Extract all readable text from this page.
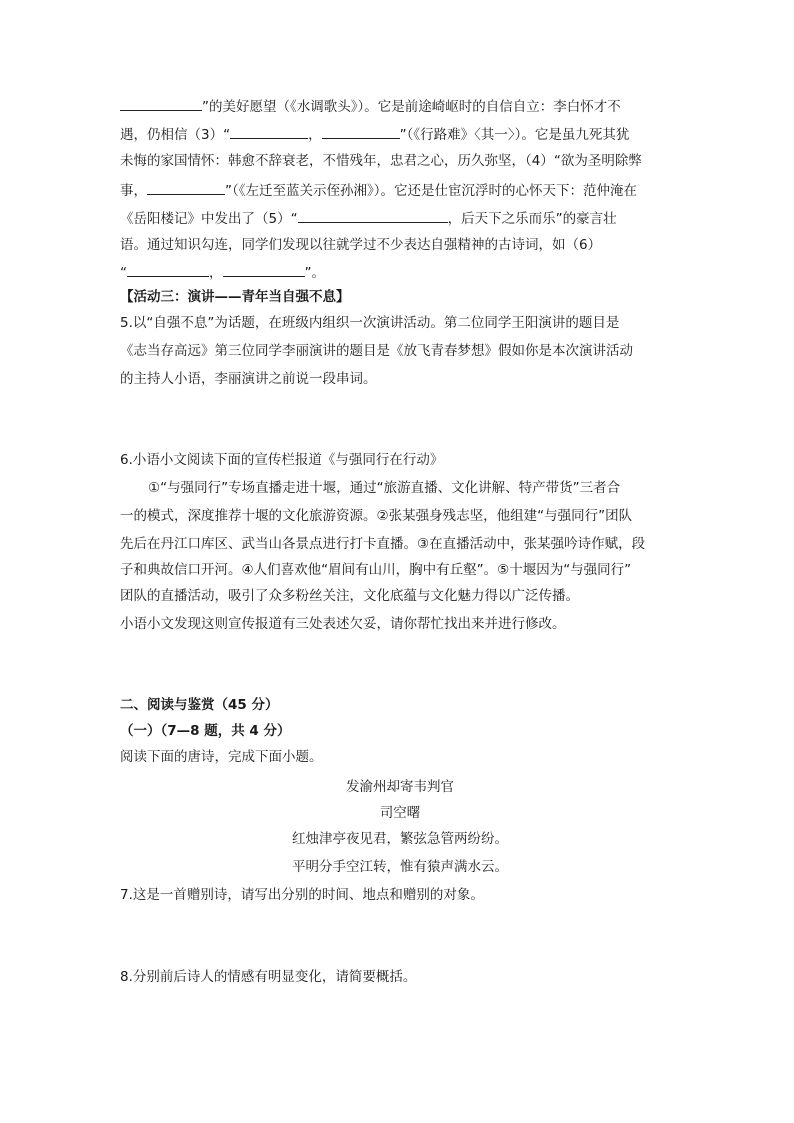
”的美好愿望（《水调歌头》）。它是前途崎岖时的自信自立：李白怀才不
遇，仍相信（3）“	，	”（《行路难》〈其一〉）。它是虽九死其犹
未悔的家国情怀：韩愈不辞衰老，不惜残年，忠君之心，历久弥坚，（4）“欲为圣明除弊
事，	”（《左迁至蓝关示侄孙湘》）。它还是仕宦沉浮时的心怀天下：范仲淹在
《岳阳楼记》中发出了（5）“	，后天下之乐而乐”的豪言壮
语。通过知识勾连，同学们发现以往就学过不少表达自强精神的古诗词，如（6）
“	，	”。
【活动三：演讲——青年当自强不息】
5.以“自强不息”为话题，在班级内组织一次演讲活动。第二位同学王阳演讲的题目是
《志当存高远》第三位同学李丽演讲的题目是《放飞青春梦想》假如你是本次演讲活动
的主持人小语，李丽演讲之前说一段串词。
6.小语小文阅读下面的宣传栏报道《与强同行在行动》
①“与强同行”专场直播走进十堰，通过“旅游直播、文化讲解、特产带货”三者合
一的模式，深度推荐十堰的文化旅游资源。②张某强身残志坚，他组建“与强同行”团队
先后在丹江口库区、武当山各景点进行打卡直播。③在直播活动中，张某强吟诗作赋，段
子和典故信口开河。④人们喜欢他“眉间有山川，胸中有丘壑”。⑤十堰因为“与强同行”
团队的直播活动，吸引了众多粉丝关注，文化底蕴与文化魅力得以广泛传播。
小语小文发现这则宣传报道有三处表述欠妥，请你帮忙找出来并进行修改。
二、阅读与鉴赏（45 分）
（一）（7—8 题，共 4 分）
阅读下面的唐诗，完成下面小题。
发渝州却寄韦判官
司空曙
红烛津亭夜见君，繁弦急管两纷纷。
平明分手空江转，惟有猿声满水云。
7.这是一首赠别诗，请写出分别的时间、地点和赠别的对象。
8.分别前后诗人的情感有明显变化，请简要概括。
